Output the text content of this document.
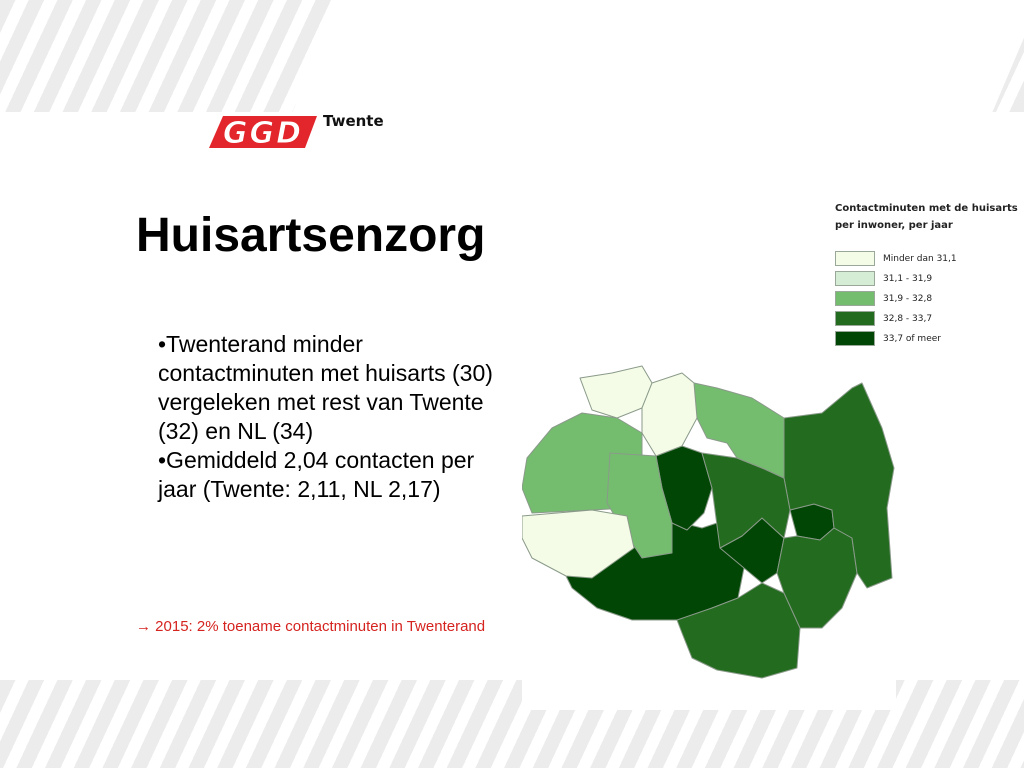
GGD Twente
Huisartsenzorg

•Twenterand minder contactminuten met huisarts (30) vergeleken met rest van Twente (32) en NL (34)

•Gemiddeld 2,04 contacten per jaar (Twente: 2,11, NL 2,17)

→ 2015: 2% toename contactminuten in Twenterand
Contactminuten met de huisarts per inwoner, per jaar
Minder dan 31,1
31,1 - 31,9
31,9 - 32,8
32,8 - 33,7
33,7 of meer
